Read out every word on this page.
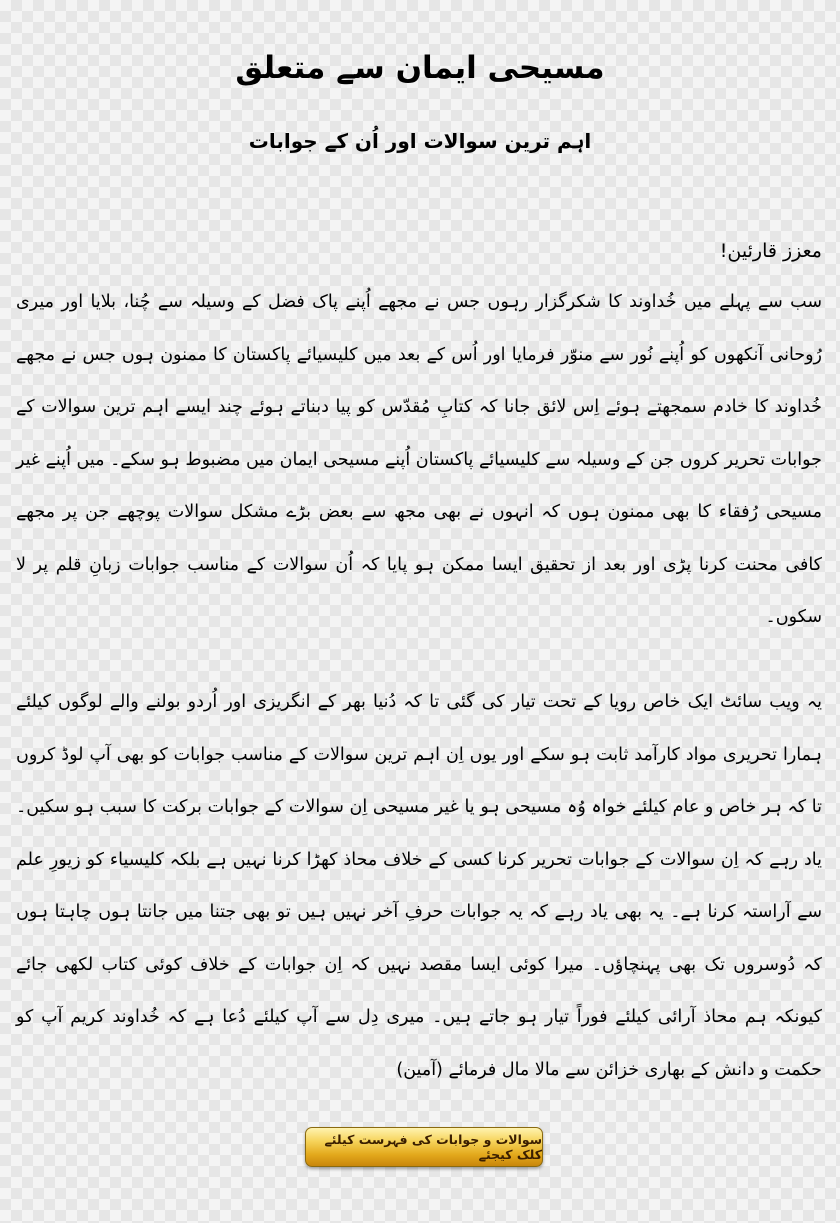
مسیحی ایمان سے متعلق
اہم ترین سوالات اور اُن کے جوابات

معزز قارئین!

سب سے پہلے میں خُداوند کا شکرگزار رہوں جس نے مجھے اُپنے پاک فضل کے وسیلہ سے چُنا، بلایا اور میری رُوحانی آنکھوں کو اُپنے نُور سے منوّر فرمایا اور اُس کے بعد میں کلیسیائے پاکستان کا ممنون ہوں جس نے مجھے خُداوند کا خادم سمجھتے ہوئے اِس لائق جانا کہ کتابِ مُقدّس کو پیا دبناتے ہوئے چند ایسے اہم ترین سوالات کے جوابات تحریر کروں جن کے وسیلہ سے کلیسیائے پاکستان اُپنے مسیحی ایمان میں مضبوط ہو سکے۔ میں اُپنے غیر مسیحی رُفقاء کا بھی ممنون ہوں کہ انہوں نے بھی مجھ سے بعض بڑے مشکل سوالات پوچھے جن پر مجھے کافی محنت کرنا پڑی اور بعد از تحقیق ایسا ممکن ہو پایا کہ اُن سوالات کے مناسب جوابات زبانِ قلم پر لا سکوں۔

یہ ویب سائٹ ایک خاص رویا کے تحت تیار کی گئی تا کہ دُنیا بھر کے انگریزی اور اُردو بولنے والے لوگوں کیلئے ہمارا تحریری مواد کارآمد ثابت ہو سکے اور یوں اِن اہم ترین سوالات کے مناسب جوابات کو بھی آپ لوڈ کروں تا کہ ہر خاص و عام کیلئے خواہ وُہ مسیحی ہو یا غیر مسیحی اِن سوالات کے جوابات برکت کا سبب ہو سکیں۔ یاد رہے کہ اِن سوالات کے جوابات تحریر کرنا کسی کے خلاف محاذ کھڑا کرنا نہیں ہے بلکہ کلیسیاء کو زیورِ علم سے آراستہ کرنا ہے۔ یہ بھی یاد رہے کہ یہ جوابات حرفِ آخر نہیں ہیں تو بھی جتنا میں جانتا ہوں چاہتا ہوں کہ دُوسروں تک بھی پہنچاؤں۔ میرا کوئی ایسا مقصد نہیں کہ اِن جوابات کے خلاف کوئی کتاب لکھی جائے کیونکہ ہم محاذ آرائی کیلئے فوراً تیار ہو جاتے ہیں۔ میری دِل سے آپ کیلئے دُعا ہے کہ خُداوند کریم آپ کو حکمت و دانش کے بھاری خزائن سے مالا مال فرمائے (آمین)

سوالات و جوابات کی فہرست کیلئے کلک کیجئے
